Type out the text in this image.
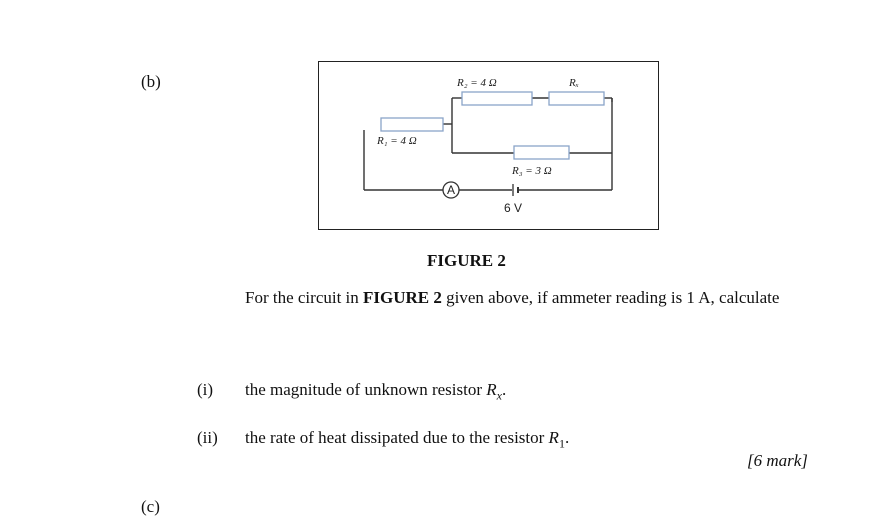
(b)
A
R₁ = 4 Ω
R₂ = 4 Ω	Rₓ
R₃ = 3 Ω
6 V
FIGURE 2
For the circuit in FIGURE 2 given above, if ammeter reading is 1 A, calculate
(i) the magnitude of unknown resistor $R_x$.
(ii) the rate of heat dissipated due to the resistor $R_1$.
[6 mark]
(c)
